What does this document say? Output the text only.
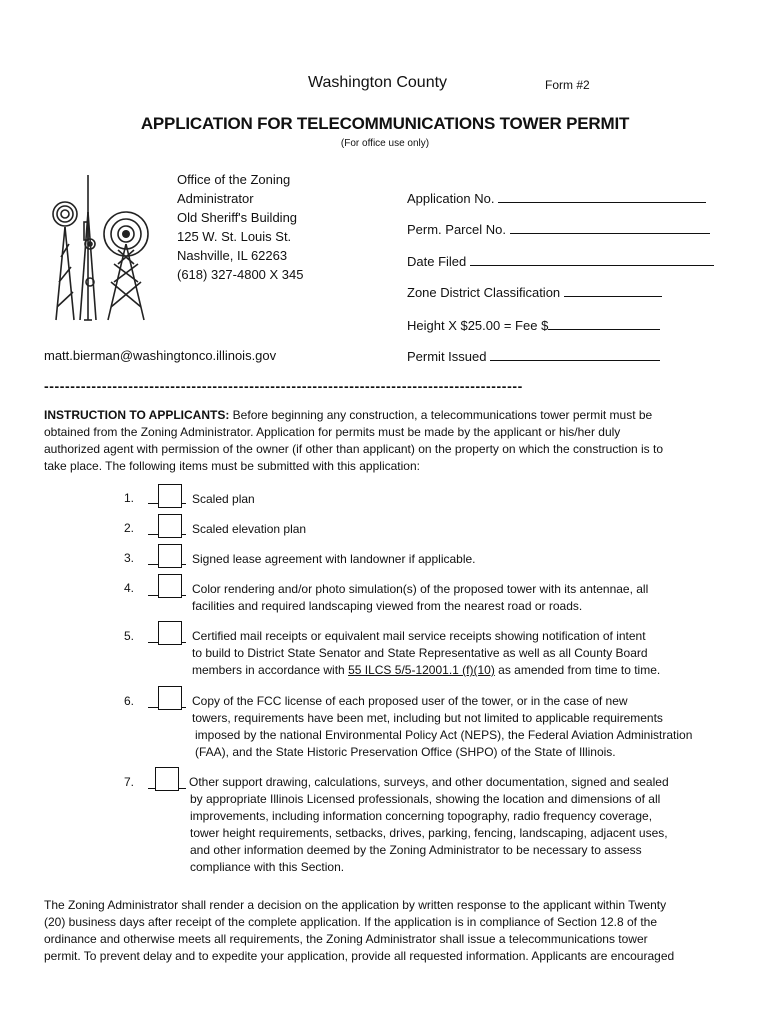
Washington County	Form #2
APPLICATION FOR TELECOMMUNICATIONS TOWER PERMIT
(For office use only)
Office of the Zoning
Administrator
Old Sheriff's Building
125 W. St. Louis St.
Nashville, IL 62263
(618) 327-4800 X 345
matt.bierman@washingtonco.illinois.gov
Application No.
Perm. Parcel No.
Date Filed
Zone District Classification
Height X $25.00 = Fee $
Permit Issued
-------------------------------------------------------------------------------------------
INSTRUCTION TO APPLICANTS: Before beginning any construction, a telecommunications tower permit must be
obtained from the Zoning Administrator. Application for permits must be made by the applicant or his/her duly
authorized agent with permission of the owner (if other than applicant) on the property on which the construction is to
take place. The following items must be submitted with this application:
1.	Scaled plan
2.	Scaled elevation plan
3.	Signed lease agreement with landowner if applicable.
4.	Color rendering and/or photo simulation(s) of the proposed tower with its antennae, all
facilities and required landscaping viewed from the nearest road or roads.
5.	Certified mail receipts or equivalent mail service receipts showing notification of intent
to build to District State Senator and State Representative as well as all County Board
members in accordance with 55 ILCS 5/5-12001.1 (f)(10) as amended from time to time.
6.	Copy of the FCC license of each proposed user of the tower, or in the case of new
towers, requirements have been met, including but not limited to applicable requirements
imposed by the national Environmental Policy Act (NEPS), the Federal Aviation Administration
(FAA), and the State Historic Preservation Office (SHPO) of the State of Illinois.
7.	Other support drawing, calculations, surveys, and other documentation, signed and sealed
by appropriate Illinois Licensed professionals, showing the location and dimensions of all
improvements, including information concerning topography, radio frequency coverage,
tower height requirements, setbacks, drives, parking, fencing, landscaping, adjacent uses,
and other information deemed by the Zoning Administrator to be necessary to assess
compliance with this Section.
The Zoning Administrator shall render a decision on the application by written response to the applicant within Twenty
(20) business days after receipt of the complete application. If the application is in compliance of Section 12.8 of the
ordinance and otherwise meets all requirements, the Zoning Administrator shall issue a telecommunications tower
permit. To prevent delay and to expedite your application, provide all requested information. Applicants are encouraged
